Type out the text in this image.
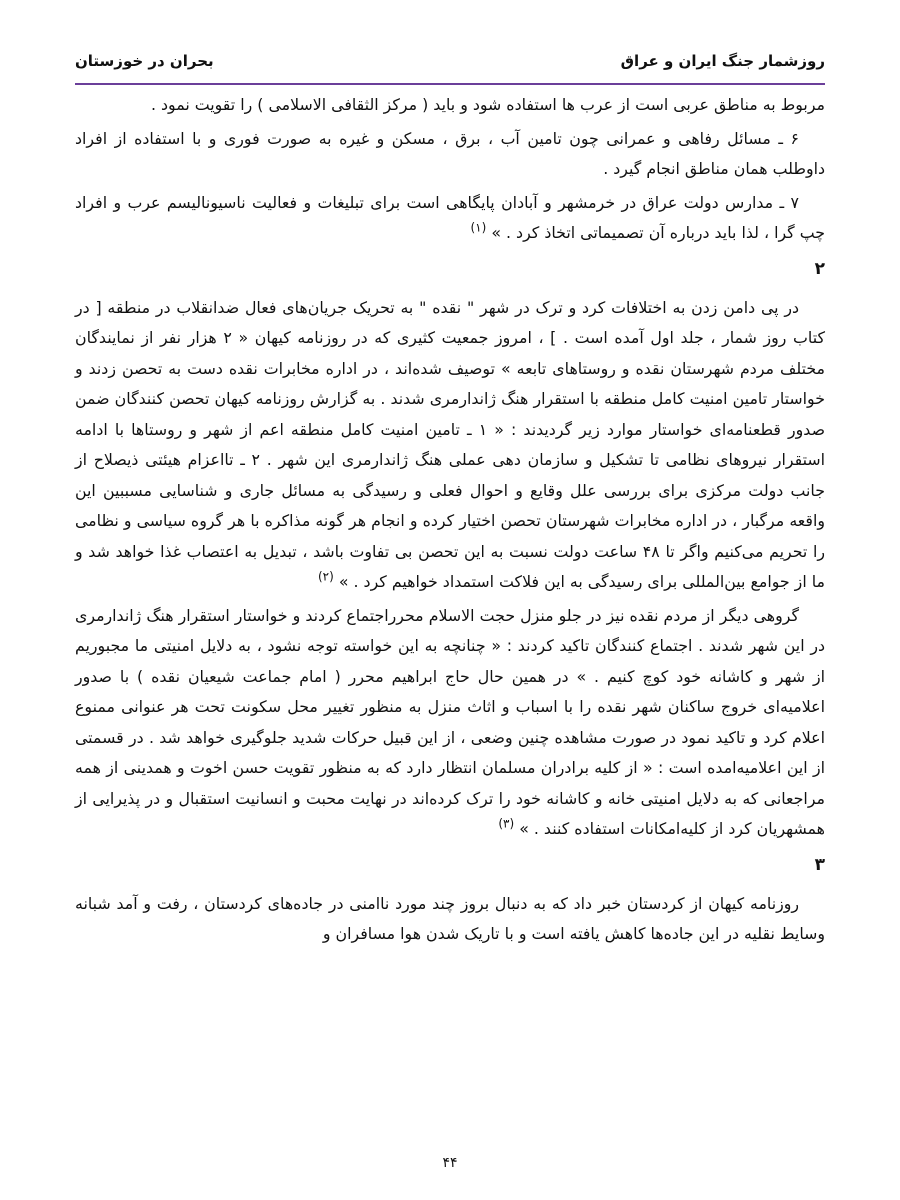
روزشمار جنگ ایران و عراق
بحران در خوزستان

مربوط به مناطق عربی است از عرب ها استفاده شود و باید ( مرکز الثقافی الاسلامی ) را تقویت نمود .

۶ ـ مسائل رفاهی و عمرانی چون تامین آب ، برق ، مسکن و غیره به صورت فوری و با استفاده از افراد داوطلب همان مناطق انجام گیرد .

۷ ـ مدارس دولت عراق در خرمشهر و آبادان پایگاهی است برای تبلیغات و فعالیت ناسیونالیسم عرب و افراد چپ گرا ، لذا باید درباره آن تصمیماتی اتخاذ کرد . » $^{(۱)}$

۲

در پی دامن زدن به اختلافات کرد و ترک در شهر " نقده " به تحریک جریان‌های فعال ضدانقلاب در منطقه [ در کتاب روز شمار ، جلد اول آمده است . ] ، امروز جمعیت کثیری که در روزنامه کیهان « ۲ هزار نفر از نمایندگان مختلف مردم شهرستان نقده و روستاهای تابعه » توصیف شده‌اند ، در اداره مخابرات نقده دست به تحصن زدند و خواستار تامین امنیت کامل منطقه با استقرار هنگ ژاندارمری شدند . به گزارش روزنامه کیهان تحصن کنندگان ضمن صدور قطعنامه‌ای خواستار موارد زیر گردیدند : « ۱ ـ تامین امنیت کامل منطقه اعم از شهر و روستاها با ادامه استقرار نیروهای نظامی تا تشکیل و سازمان دهی عملی هنگ ژاندارمری این شهر . ۲ ـ تااعزام هیئتی ذیصلاح از جانب دولت مرکزی برای بررسی علل وقایع و احوال فعلی و رسیدگی به مسائل جاری و شناسایی مسببین این واقعه مرگبار ، در اداره مخابرات شهرستان تحصن اختیار کرده و انجام هر گونه مذاکره با هر گروه سیاسی و نظامی را تحریم می‌کنیم واگر تا ۴۸ ساعت دولت نسبت به این تحصن بی تفاوت باشد ، تبدیل به اعتصاب غذا خواهد شد و ما از جوامع بین‌المللی برای رسیدگی به این فلاکت استمداد خواهیم کرد . » $^{(۲)}$

گروهی دیگر از مردم نقده نیز در جلو منزل حجت الاسلام محرراجتماع کردند و خواستار استقرار هنگ ژاندارمری در این شهر شدند . اجتماع کنندگان تاکید کردند : « چنانچه به این خواسته توجه نشود ، به دلایل امنیتی ما مجبوریم از شهر و کاشانه خود کوچ کنیم . » در همین حال حاج ابراهیم محرر ( امام جماعت شیعیان نقده ) با صدور اعلامیه‌ای خروج ساکنان شهر نقده را با اسباب و اثاث منزل به منظور تغییر محل سکونت تحت هر عنوانی ممنوع اعلام کرد و تاکید نمود در صورت مشاهده چنین وضعی ، از این قبیل حرکات شدید جلوگیری خواهد شد . در قسمتی از این اعلامیه‌امده است : « از کلیه برادران مسلمان انتظار دارد که به منظور تقویت حسن اخوت و همدینی از همه مراجعانی که به دلایل امنیتی خانه و کاشانه خود را ترک کرده‌اند در نهایت محبت و انسانیت استقبال و در پذیرایی از همشهریان کرد از کلیه‌امکانات استفاده کنند . » $^{(۳)}$

۳

روزنامه کیهان از کردستان خبر داد که به دنبال بروز چند مورد ناامنی در جاده‌های کردستان ، رفت و آمد شبانه وسایط نقلیه در این جاده‌ها کاهش یافته است و با تاریک شدن هوا مسافران و

۴۴
